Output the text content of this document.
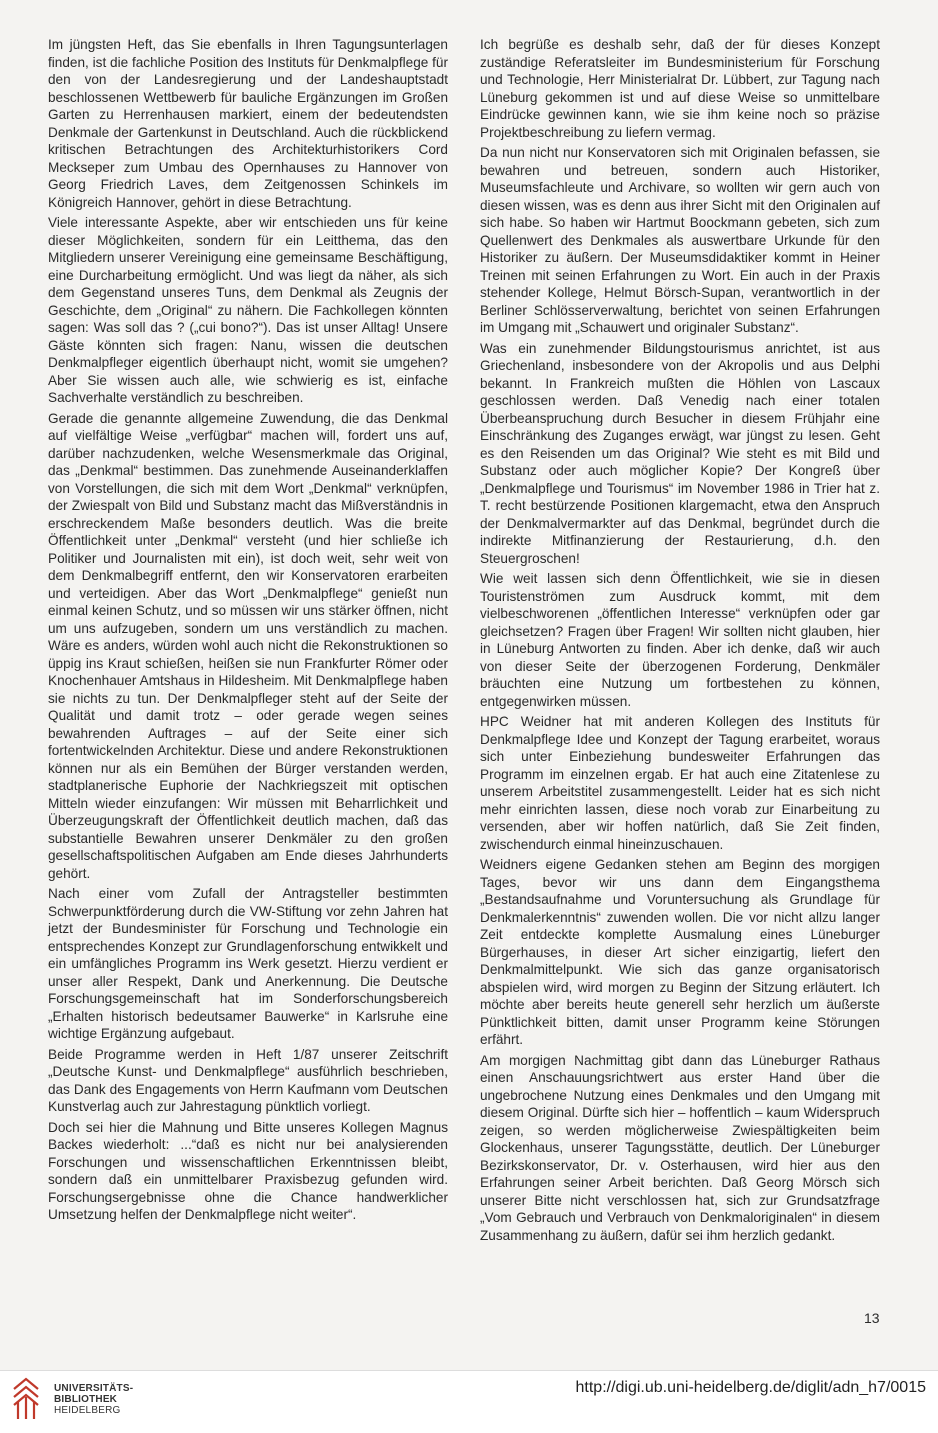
Im jüngsten Heft, das Sie ebenfalls in Ihren Tagungsunterlagen finden, ist die fachliche Position des Instituts für Denkmalpflege für den von der Landesregierung und der Landeshauptstadt beschlossenen Wettbewerb für bauliche Ergänzungen im Großen Garten zu Herrenhausen markiert, einem der bedeutendsten Denkmale der Gartenkunst in Deutschland. Auch die rückblickend kritischen Betrachtungen des Architekturhistorikers Cord Meckseper zum Umbau des Opernhauses zu Hannover von Georg Friedrich Laves, dem Zeitgenossen Schinkels im Königreich Hannover, gehört in diese Betrachtung.

Viele interessante Aspekte, aber wir entschieden uns für keine dieser Möglichkeiten, sondern für ein Leitthema, das den Mitgliedern unserer Vereinigung eine gemeinsame Beschäftigung, eine Durcharbeitung ermöglicht. Und was liegt da näher, als sich dem Gegenstand unseres Tuns, dem Denkmal als Zeugnis der Geschichte, dem „Original“ zu nähern. Die Fachkollegen könnten sagen: Was soll das ? („cui bono?“). Das ist unser Alltag! Unsere Gäste könnten sich fragen: Nanu, wissen die deutschen Denkmalpfleger eigentlich überhaupt nicht, womit sie umgehen? Aber Sie wissen auch alle, wie schwierig es ist, einfache Sachverhalte verständlich zu beschreiben.

Gerade die genannte allgemeine Zuwendung, die das Denkmal auf vielfältige Weise „verfügbar“ machen will, fordert uns auf, darüber nachzudenken, welche Wesensmerkmale das Original, das „Denkmal“ bestimmen. Das zunehmende Auseinanderklaffen von Vorstellungen, die sich mit dem Wort „Denkmal“ verknüpfen, der Zwiespalt von Bild und Substanz macht das Mißverständnis in erschreckendem Maße besonders deutlich. Was die breite Öffentlichkeit unter „Denkmal“ versteht (und hier schließe ich Politiker und Journalisten mit ein), ist doch weit, sehr weit von dem Denkmalbegriff entfernt, den wir Konservatoren erarbeiten und verteidigen. Aber das Wort „Denkmalpflege“ genießt nun einmal keinen Schutz, und so müssen wir uns stärker öffnen, nicht um uns aufzugeben, sondern um uns verständlich zu machen. Wäre es anders, würden wohl auch nicht die Rekonstruktionen so üppig ins Kraut schießen, heißen sie nun Frankfurter Römer oder Knochenhauer Amtshaus in Hildesheim. Mit Denkmalpflege haben sie nichts zu tun. Der Denkmalpfleger steht auf der Seite der Qualität und damit trotz – oder gerade wegen seines bewahrenden Auftrages – auf der Seite einer sich fortentwickelnden Architektur. Diese und andere Rekonstruktionen können nur als ein Bemühen der Bürger verstanden werden, stadtplanerische Euphorie der Nachkriegszeit mit optischen Mitteln wieder einzufangen: Wir müssen mit Beharrlichkeit und Überzeugungskraft der Öffentlichkeit deutlich machen, daß das substantielle Bewahren unserer Denkmäler zu den großen gesellschaftspolitischen Aufgaben am Ende dieses Jahrhunderts gehört.

Nach einer vom Zufall der Antragsteller bestimmten Schwerpunktförderung durch die VW-Stiftung vor zehn Jahren hat jetzt der Bundesminister für Forschung und Technologie ein entsprechendes Konzept zur Grundlagenforschung entwikkelt und ein umfängliches Programm ins Werk gesetzt. Hierzu verdient er unser aller Respekt, Dank und Anerkennung. Die Deutsche Forschungsgemeinschaft hat im Sonderforschungsbereich „Erhalten historisch bedeutsamer Bauwerke“ in Karlsruhe eine wichtige Ergänzung aufgebaut.

Beide Programme werden in Heft 1/87 unserer Zeitschrift „Deutsche Kunst- und Denkmalpflege“ ausführlich beschrieben, das Dank des Engagements von Herrn Kaufmann vom Deutschen Kunstverlag auch zur Jahrestagung pünktlich vorliegt.

Doch sei hier die Mahnung und Bitte unseres Kollegen Magnus Backes wiederholt: ...“daß es nicht nur bei analysierenden Forschungen und wissenschaftlichen Erkenntnissen bleibt, sondern daß ein unmittelbarer Praxisbezug gefunden wird. Forschungsergebnisse ohne die Chance handwerklicher Umsetzung helfen der Denkmalpflege nicht weiter“.

Ich begrüße es deshalb sehr, daß der für dieses Konzept zuständige Referatsleiter im Bundesministerium für Forschung und Technologie, Herr Ministerialrat Dr. Lübbert, zur Tagung nach Lüneburg gekommen ist und auf diese Weise so unmittelbare Eindrücke gewinnen kann, wie sie ihm keine noch so präzise Projektbeschreibung zu liefern vermag.

Da nun nicht nur Konservatoren sich mit Originalen befassen, sie bewahren und betreuen, sondern auch Historiker, Museumsfachleute und Archivare, so wollten wir gern auch von diesen wissen, was es denn aus ihrer Sicht mit den Originalen auf sich habe. So haben wir Hartmut Boockmann gebeten, sich zum Quellenwert des Denkmales als auswertbare Urkunde für den Historiker zu äußern. Der Museumsdidaktiker kommt in Heiner Treinen mit seinen Erfahrungen zu Wort. Ein auch in der Praxis stehender Kollege, Helmut Börsch-Supan, verantwortlich in der Berliner Schlösserverwaltung, berichtet von seinen Erfahrungen im Umgang mit „Schauwert und originaler Substanz“.

Was ein zunehmender Bildungstourismus anrichtet, ist aus Griechenland, insbesondere von der Akropolis und aus Delphi bekannt. In Frankreich mußten die Höhlen von Lascaux geschlossen werden. Daß Venedig nach einer totalen Überbeanspruchung durch Besucher in diesem Frühjahr eine Einschränkung des Zuganges erwägt, war jüngst zu lesen. Geht es den Reisenden um das Original? Wie steht es mit Bild und Substanz oder auch möglicher Kopie? Der Kongreß über „Denkmalpflege und Tourismus“ im November 1986 in Trier hat z. T. recht bestürzende Positionen klargemacht, etwa den Anspruch der Denkmalvermarkter auf das Denkmal, begründet durch die indirekte Mitfinanzierung der Restaurierung, d.h. den Steuergroschen!

Wie weit lassen sich denn Öffentlichkeit, wie sie in diesen Touristenströmen zum Ausdruck kommt, mit dem vielbeschworenen „öffentlichen Interesse“ verknüpfen oder gar gleichsetzen? Fragen über Fragen! Wir sollten nicht glauben, hier in Lüneburg Antworten zu finden. Aber ich denke, daß wir auch von dieser Seite der überzogenen Forderung, Denkmäler bräuchten eine Nutzung um fortbestehen zu können, entgegenwirken müssen.

HPC Weidner hat mit anderen Kollegen des Instituts für Denkmalpflege Idee und Konzept der Tagung erarbeitet, woraus sich unter Einbeziehung bundesweiter Erfahrungen das Programm im einzelnen ergab. Er hat auch eine Zitatenlese zu unserem Arbeitstitel zusammengestellt. Leider hat es sich nicht mehr einrichten lassen, diese noch vorab zur Einarbeitung zu versenden, aber wir hoffen natürlich, daß Sie Zeit finden, zwischendurch einmal hineinzuschauen.

Weidners eigene Gedanken stehen am Beginn des morgigen Tages, bevor wir uns dann dem Eingangsthema „Bestandsaufnahme und Voruntersuchung als Grundlage für Denkmalerkenntnis“ zuwenden wollen. Die vor nicht allzu langer Zeit entdeckte komplette Ausmalung eines Lüneburger Bürgerhauses, in dieser Art sicher einzigartig, liefert den Denkmalmittelpunkt. Wie sich das ganze organisatorisch abspielen wird, wird morgen zu Beginn der Sitzung erläutert. Ich möchte aber bereits heute generell sehr herzlich um äußerste Pünktlichkeit bitten, damit unser Programm keine Störungen erfährt.

Am morgigen Nachmittag gibt dann das Lüneburger Rathaus einen Anschauungsrichtwert aus erster Hand über die ungebrochene Nutzung eines Denkmales und den Umgang mit diesem Original. Dürfte sich hier – hoffentlich – kaum Widerspruch zeigen, so werden möglicherweise Zwiespältigkeiten beim Glockenhaus, unserer Tagungsstätte, deutlich. Der Lüneburger Bezirkskonservator, Dr. v. Osterhausen, wird hier aus den Erfahrungen seiner Arbeit berichten. Daß Georg Mörsch sich unserer Bitte nicht verschlossen hat, sich zur Grundsatzfrage „Vom Gebrauch und Verbrauch von Denkmaloriginalen“ in diesem Zusammenhang zu äußern, dafür sei ihm herzlich gedankt.

13
UNIVERSITÄTS-
BIBLIOTHEK
HEIDELBERG
http://digi.ub.uni-heidelberg.de/diglit/adn_h7/0015
